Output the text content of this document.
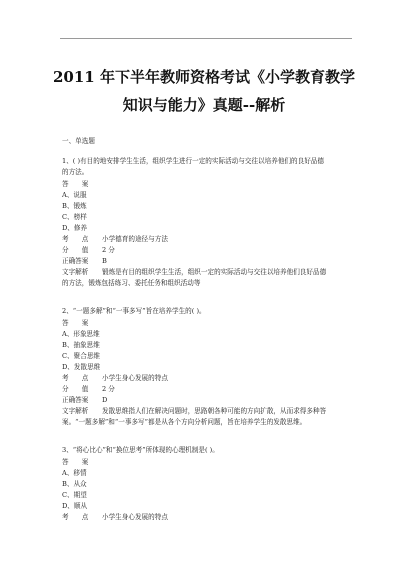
2011 年下半年教师资格考试《小学教育教学
知识与能力》真题--解析
一、单选题
1、( )有目的地安排学生生活，组织学生进行一定的实际活动与交往以培养他们的良好品德
的方法。
答　　案
A、说服
B、锻炼
C、榜样
D、修养
考　　点 小学德育的途径与方法
分　　值 2 分
正确答案 B
文字解析 锻炼是有目的组织学生生活，组织一定的实际活动与交往以培养他们良好品德
的方法，锻炼包括练习、委托任务和组织活动等
2、“一题多解”和“一事多写”旨在培养学生的( )。
答　　案
A、形象思维
B、抽象思维
C、聚合思维
D、发散思维
考　　点 小学生身心发展的特点
分　　值 2 分
正确答案 D
文字解析 发散思维指人们在解决问题时，思路朝各种可能的方向扩散，从而求得多种答
案。“一题多解”和“一事多写”都是从各个方向分析问题，旨在培养学生的发散思维。
3、“将心比心”和“换位思考”所体现的心理机制是( )。
答　　案
A、移情
B、从众
C、期望
D、顺从
考　　点 小学生身心发展的特点
